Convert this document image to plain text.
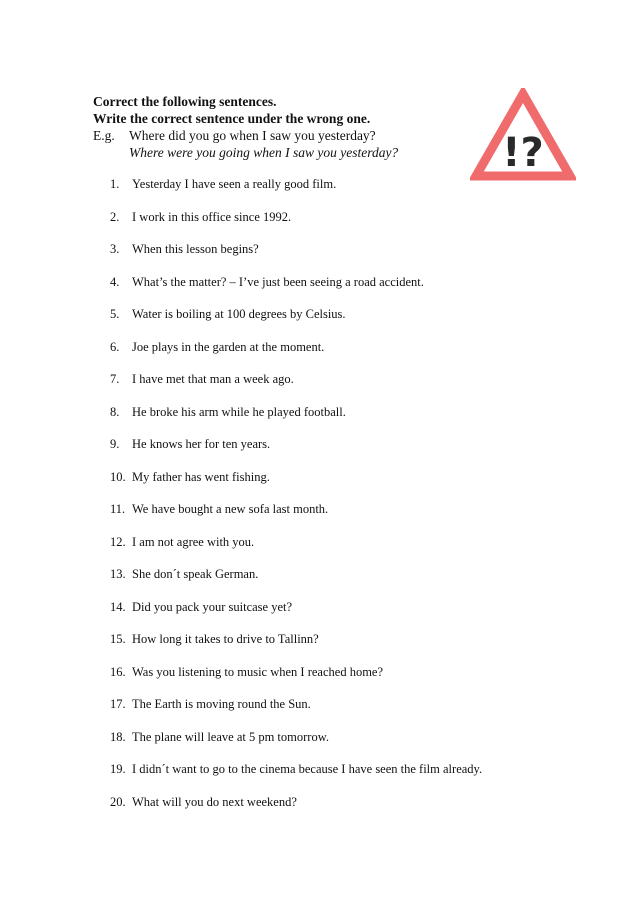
Correct the following sentences.

Write the correct sentence under the wrong one.

E.g.	Where did you go when I saw you yesterday?
Where were you going when I saw you yesterday?	!?
1.	Yesterday I have seen a really good film.
2.	I work in this office since 1992.
3.	When this lesson begins?
4.	What’s the matter? – I’ve just been seeing a road accident.
5.	Water is boiling at 100 degrees by Celsius.
6.	Joe plays in the garden at the moment.
7.	I have met that man a week ago.
8.	He broke his arm while he played football.
9.	He knows her for ten years.
10. My father has went fishing.
11. We have bought a new sofa last month.
12. I am not agree with you.
13. She don´t speak German.
14. Did you pack your suitcase yet?
15. How long it takes to drive to Tallinn?
16. Was you listening to music when I reached home?
17. The Earth is moving round the Sun.
18. The plane will leave at 5 pm tomorrow.
19. I didn´t want to go to the cinema because I have seen the film already.
20. What will you do next weekend?
